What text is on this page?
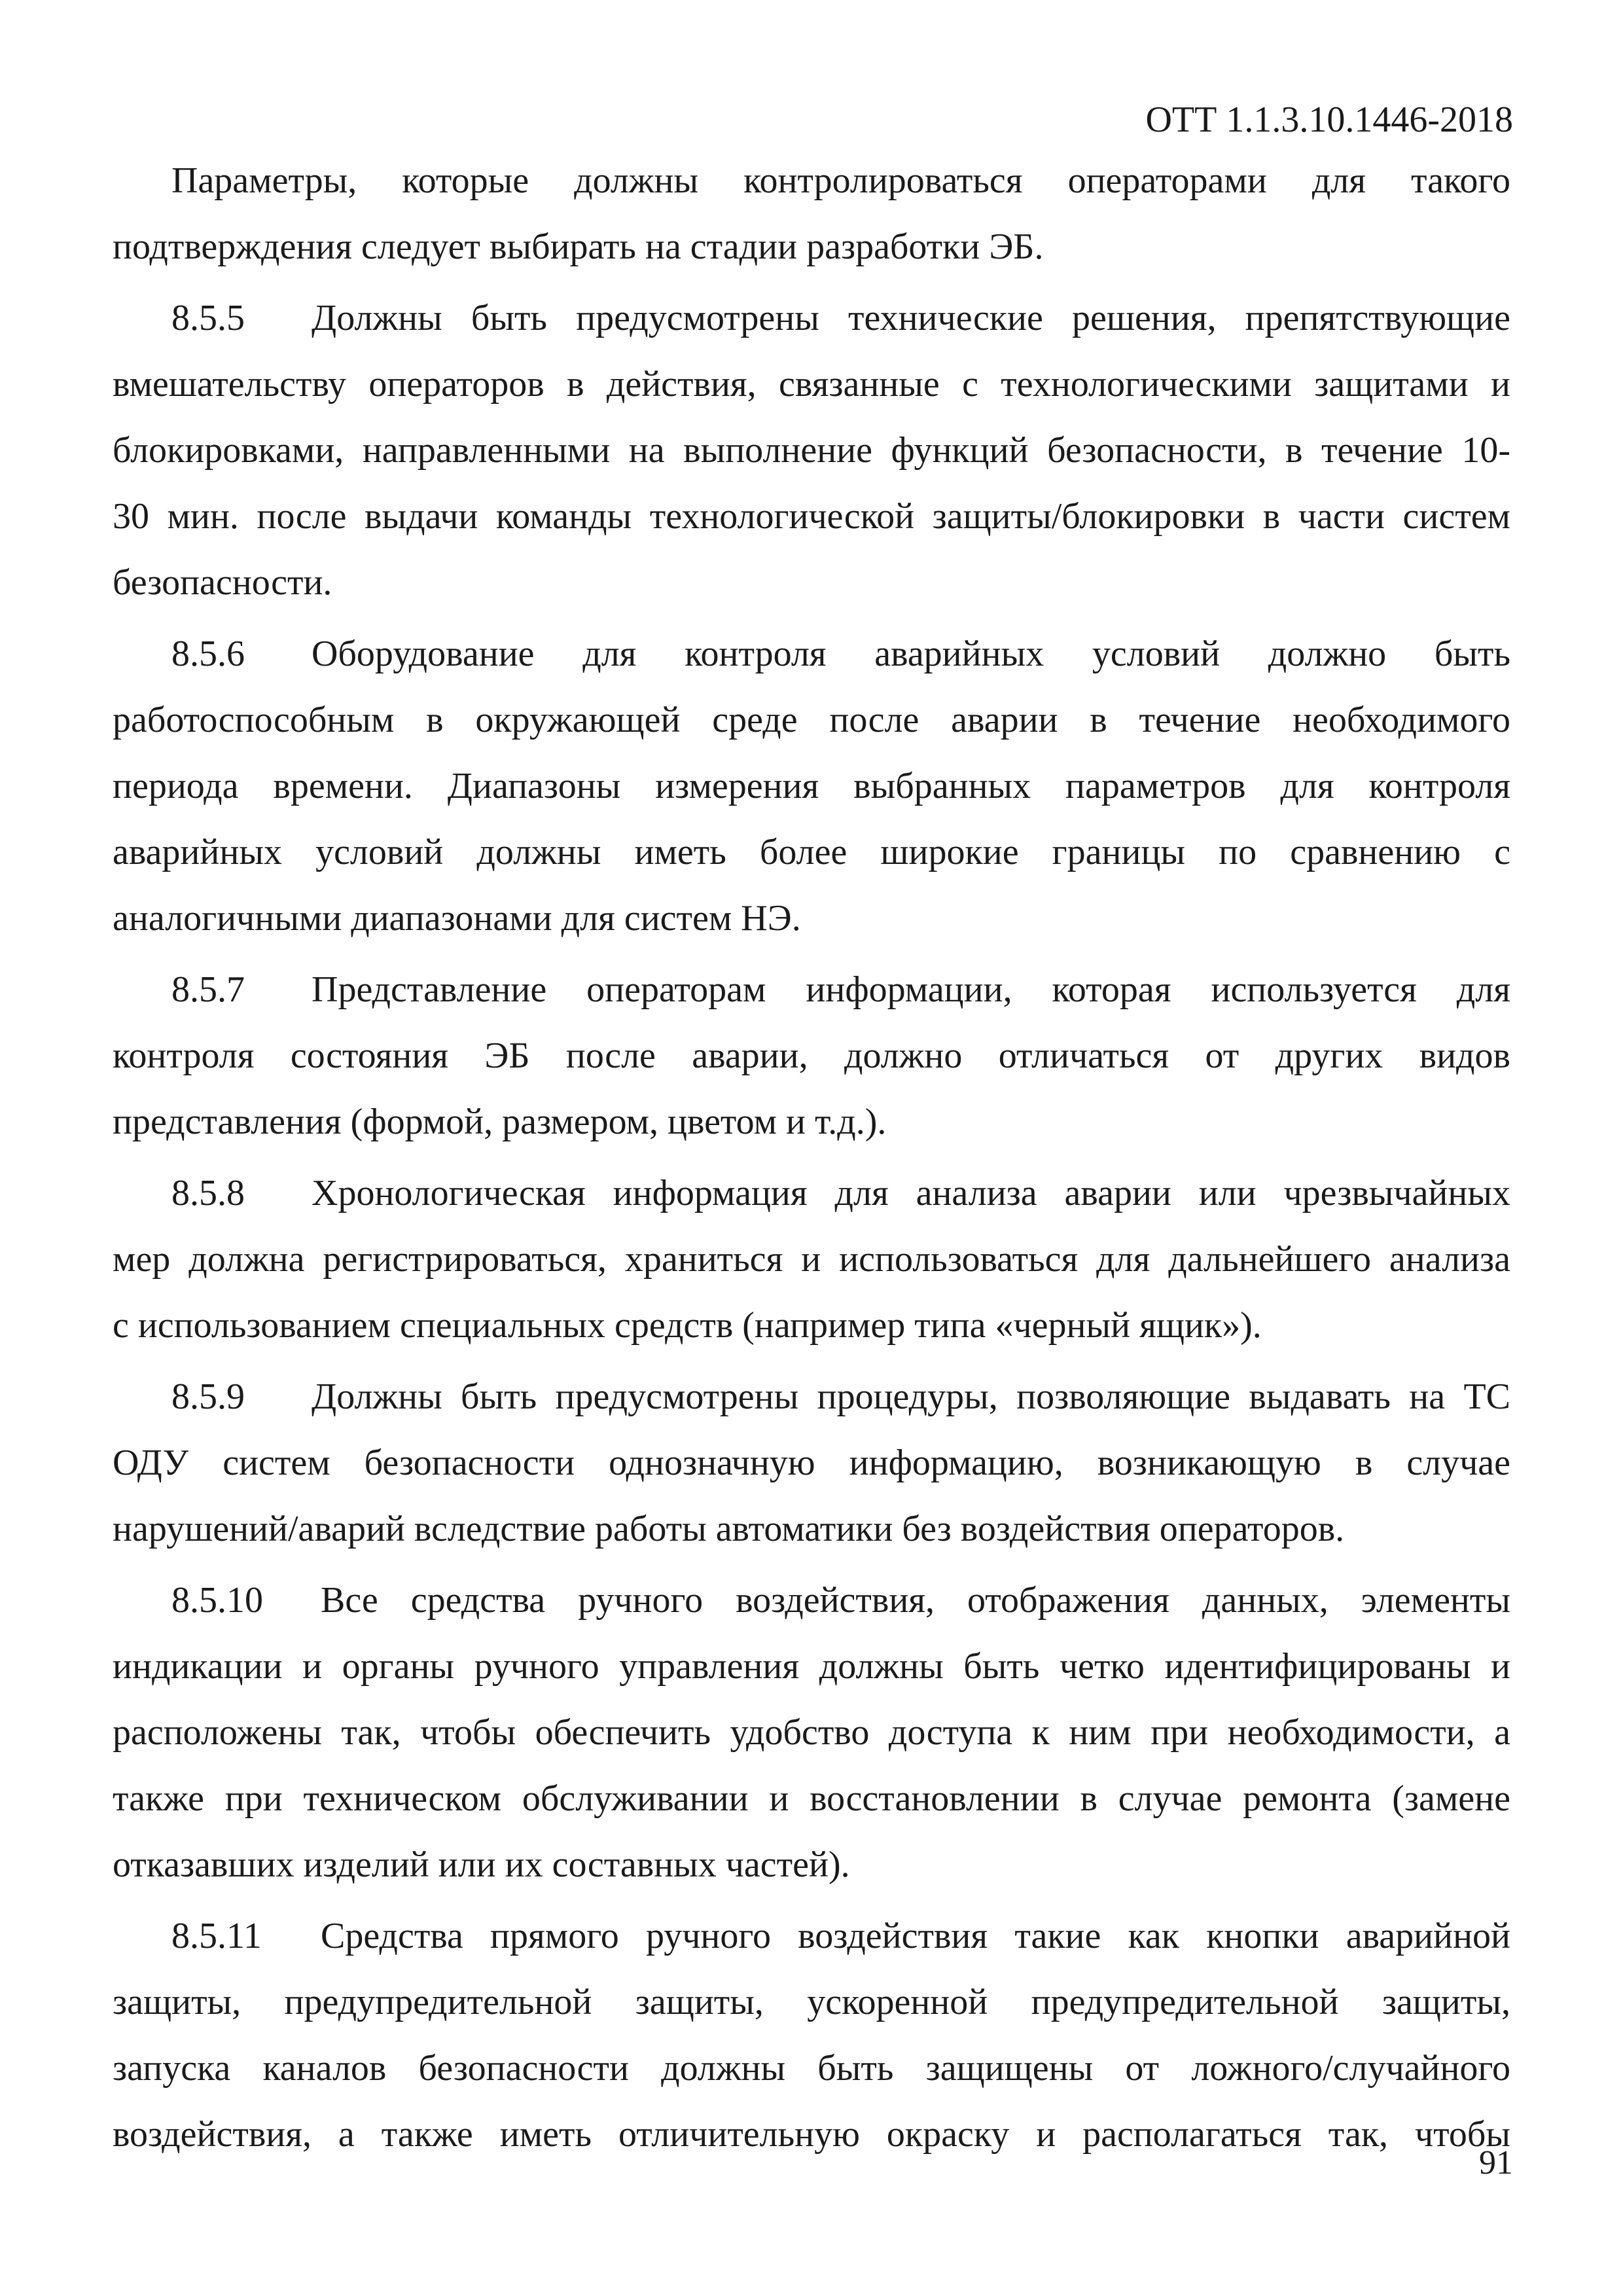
ОТТ 1.1.3.10.1446-2018
Параметры, которые должны контролироваться операторами для такого
подтверждения следует выбирать на стадии разработки ЭБ.
8.5.5	Должны быть предусмотрены технические решения, препятствующие
вмешательству операторов в действия, связанные с технологическими защитами и
блокировками, направленными на выполнение функций безопасности, в течение 10-
30 мин. после выдачи команды технологической защиты/блокировки в части систем
безопасности.
8.5.6	Оборудование для контроля аварийных условий должно быть
работоспособным в окружающей среде после аварии в течение необходимого
периода времени. Диапазоны измерения выбранных параметров для контроля
аварийных условий должны иметь более широкие границы по сравнению с
аналогичными диапазонами для систем НЭ.
8.5.7	Представление операторам информации, которая используется для
контроля состояния ЭБ после аварии, должно отличаться от других видов
представления (формой, размером, цветом и т.д.).
8.5.8	Хронологическая информация для анализа аварии или чрезвычайных
мер должна регистрироваться, храниться и использоваться для дальнейшего анализа
с использованием специальных средств (например типа «черный ящик»).
8.5.9	Должны быть предусмотрены процедуры, позволяющие выдавать на ТС
ОДУ систем безопасности однозначную информацию, возникающую в случае
нарушений/аварий вследствие работы автоматики без воздействия операторов.
8.5.10	Все средства ручного воздействия, отображения данных, элементы
индикации и органы ручного управления должны быть четко идентифицированы и
расположены так, чтобы обеспечить удобство доступа к ним при необходимости, а
также при техническом обслуживании и восстановлении в случае ремонта (замене
отказавших изделий или их составных частей).
8.5.11	Средства прямого ручного воздействия такие как кнопки аварийной
защиты, предупредительной защиты, ускоренной предупредительной защиты,
запуска каналов безопасности должны быть защищены от ложного/случайного
воздействия, а также иметь отличительную окраску и располагаться так, чтобы
91
